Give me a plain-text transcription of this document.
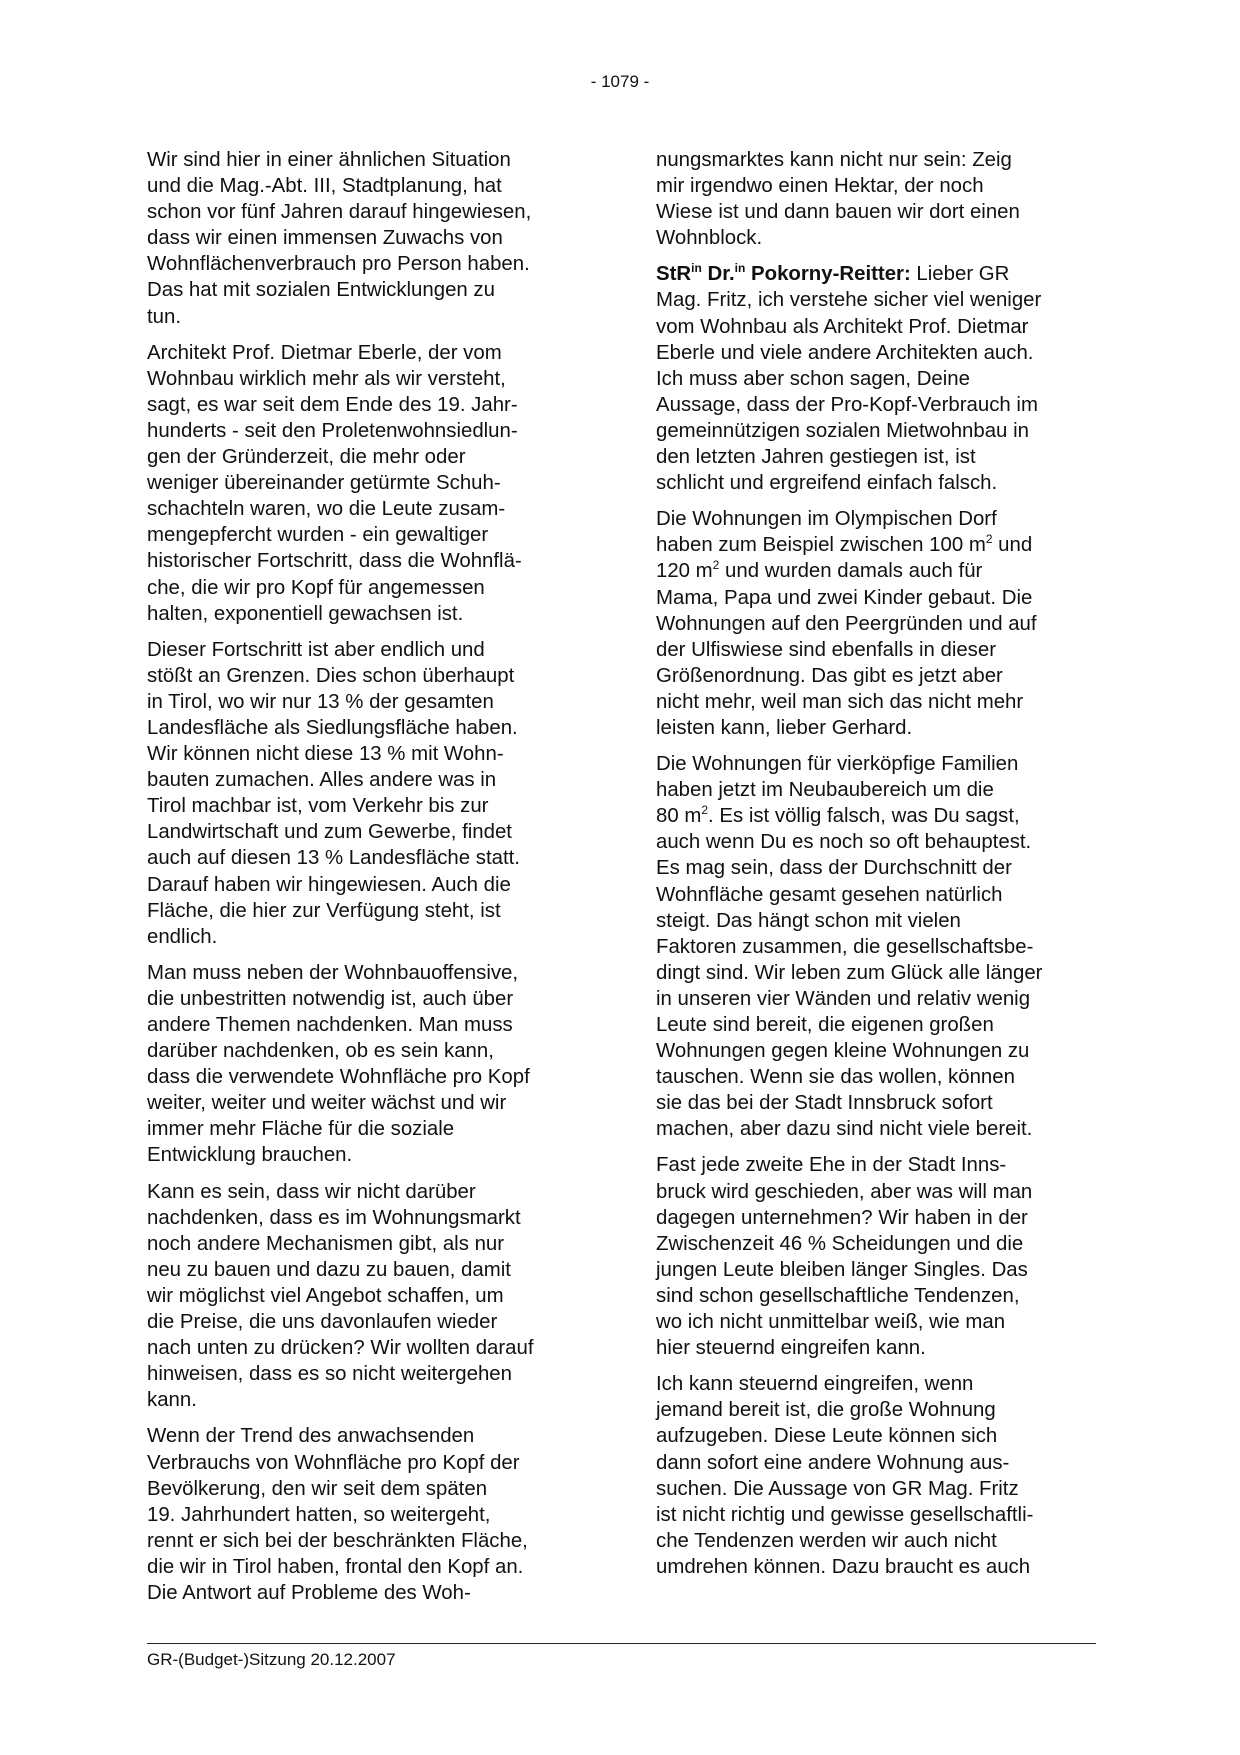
- 1079 -

Wir sind hier in einer ähnlichen Situation
und die Mag.-Abt. III, Stadtplanung, hat
schon vor fünf Jahren darauf hingewiesen,
dass wir einen immensen Zuwachs von
Wohnflächenverbrauch pro Person haben.
Das hat mit sozialen Entwicklungen zu
tun.

Architekt Prof. Dietmar Eberle, der vom
Wohnbau wirklich mehr als wir versteht,
sagt, es war seit dem Ende des 19. Jahr-
hunderts - seit den Proletenwohnsiedlun-
gen der Gründerzeit, die mehr oder
weniger übereinander getürmte Schuh-
schachteln waren, wo die Leute zusam-
mengepfercht wurden - ein gewaltiger
historischer Fortschritt, dass die Wohnflä-
che, die wir pro Kopf für angemessen
halten, exponentiell gewachsen ist.

Dieser Fortschritt ist aber endlich und
stößt an Grenzen. Dies schon überhaupt
in Tirol, wo wir nur 13 % der gesamten
Landesfläche als Siedlungsfläche haben.
Wir können nicht diese 13 % mit Wohn-
bauten zumachen. Alles andere was in
Tirol machbar ist, vom Verkehr bis zur
Landwirtschaft und zum Gewerbe, findet
auch auf diesen 13 % Landesfläche statt.
Darauf haben wir hingewiesen. Auch die
Fläche, die hier zur Verfügung steht, ist
endlich.

Man muss neben der Wohnbauoffensive,
die unbestritten notwendig ist, auch über
andere Themen nachdenken. Man muss
darüber nachdenken, ob es sein kann,
dass die verwendete Wohnfläche pro Kopf
weiter, weiter und weiter wächst und wir
immer mehr Fläche für die soziale
Entwicklung brauchen.

Kann es sein, dass wir nicht darüber
nachdenken, dass es im Wohnungsmarkt
noch andere Mechanismen gibt, als nur
neu zu bauen und dazu zu bauen, damit
wir möglichst viel Angebot schaffen, um
die Preise, die uns davonlaufen wieder
nach unten zu drücken? Wir wollten darauf
hinweisen, dass es so nicht weitergehen
kann.

Wenn der Trend des anwachsenden
Verbrauchs von Wohnfläche pro Kopf der
Bevölkerung, den wir seit dem späten
19. Jahrhundert hatten, so weitergeht,
rennt er sich bei der beschränkten Fläche,
die wir in Tirol haben, frontal den Kopf an.
Die Antwort auf Probleme des Woh-

nungsmarktes kann nicht nur sein: Zeig
mir irgendwo einen Hektar, der noch
Wiese ist und dann bauen wir dort einen
Wohnblock.

StR$^{in}$ Dr.$^{in}$ Pokorny-Reitter: Lieber GR
Mag. Fritz, ich verstehe sicher viel weniger
vom Wohnbau als Architekt Prof. Dietmar
Eberle und viele andere Architekten auch.
Ich muss aber schon sagen, Deine
Aussage, dass der Pro-Kopf-Verbrauch im
gemeinnützigen sozialen Mietwohnbau in
den letzten Jahren gestiegen ist, ist
schlicht und ergreifend einfach falsch.

Die Wohnungen im Olympischen Dorf
haben zum Beispiel zwischen 100 $m^2$ und
120 $m^2$ und wurden damals auch für
Mama, Papa und zwei Kinder gebaut. Die
Wohnungen auf den Peergründen und auf
der Ulfiswiese sind ebenfalls in dieser
Größenordnung. Das gibt es jetzt aber
nicht mehr, weil man sich das nicht mehr
leisten kann, lieber Gerhard.

Die Wohnungen für vierköpfige Familien
haben jetzt im Neubaubereich um die
80 $m^2$. Es ist völlig falsch, was Du sagst,
auch wenn Du es noch so oft behauptest.
Es mag sein, dass der Durchschnitt der
Wohnfläche gesamt gesehen natürlich
steigt. Das hängt schon mit vielen
Faktoren zusammen, die gesellschaftsbe-
dingt sind. Wir leben zum Glück alle länger
in unseren vier Wänden und relativ wenig
Leute sind bereit, die eigenen großen
Wohnungen gegen kleine Wohnungen zu
tauschen. Wenn sie das wollen, können
sie das bei der Stadt Innsbruck sofort
machen, aber dazu sind nicht viele bereit.

Fast jede zweite Ehe in der Stadt Inns-
bruck wird geschieden, aber was will man
dagegen unternehmen? Wir haben in der
Zwischenzeit 46 % Scheidungen und die
jungen Leute bleiben länger Singles. Das
sind schon gesellschaftliche Tendenzen,
wo ich nicht unmittelbar weiß, wie man
hier steuernd eingreifen kann.

Ich kann steuernd eingreifen, wenn
jemand bereit ist, die große Wohnung
aufzugeben. Diese Leute können sich
dann sofort eine andere Wohnung aus-
suchen. Die Aussage von GR Mag. Fritz
ist nicht richtig und gewisse gesellschaftli-
che Tendenzen werden wir auch nicht
umdrehen können. Dazu braucht es auch

GR-(Budget-)Sitzung 20.12.2007
